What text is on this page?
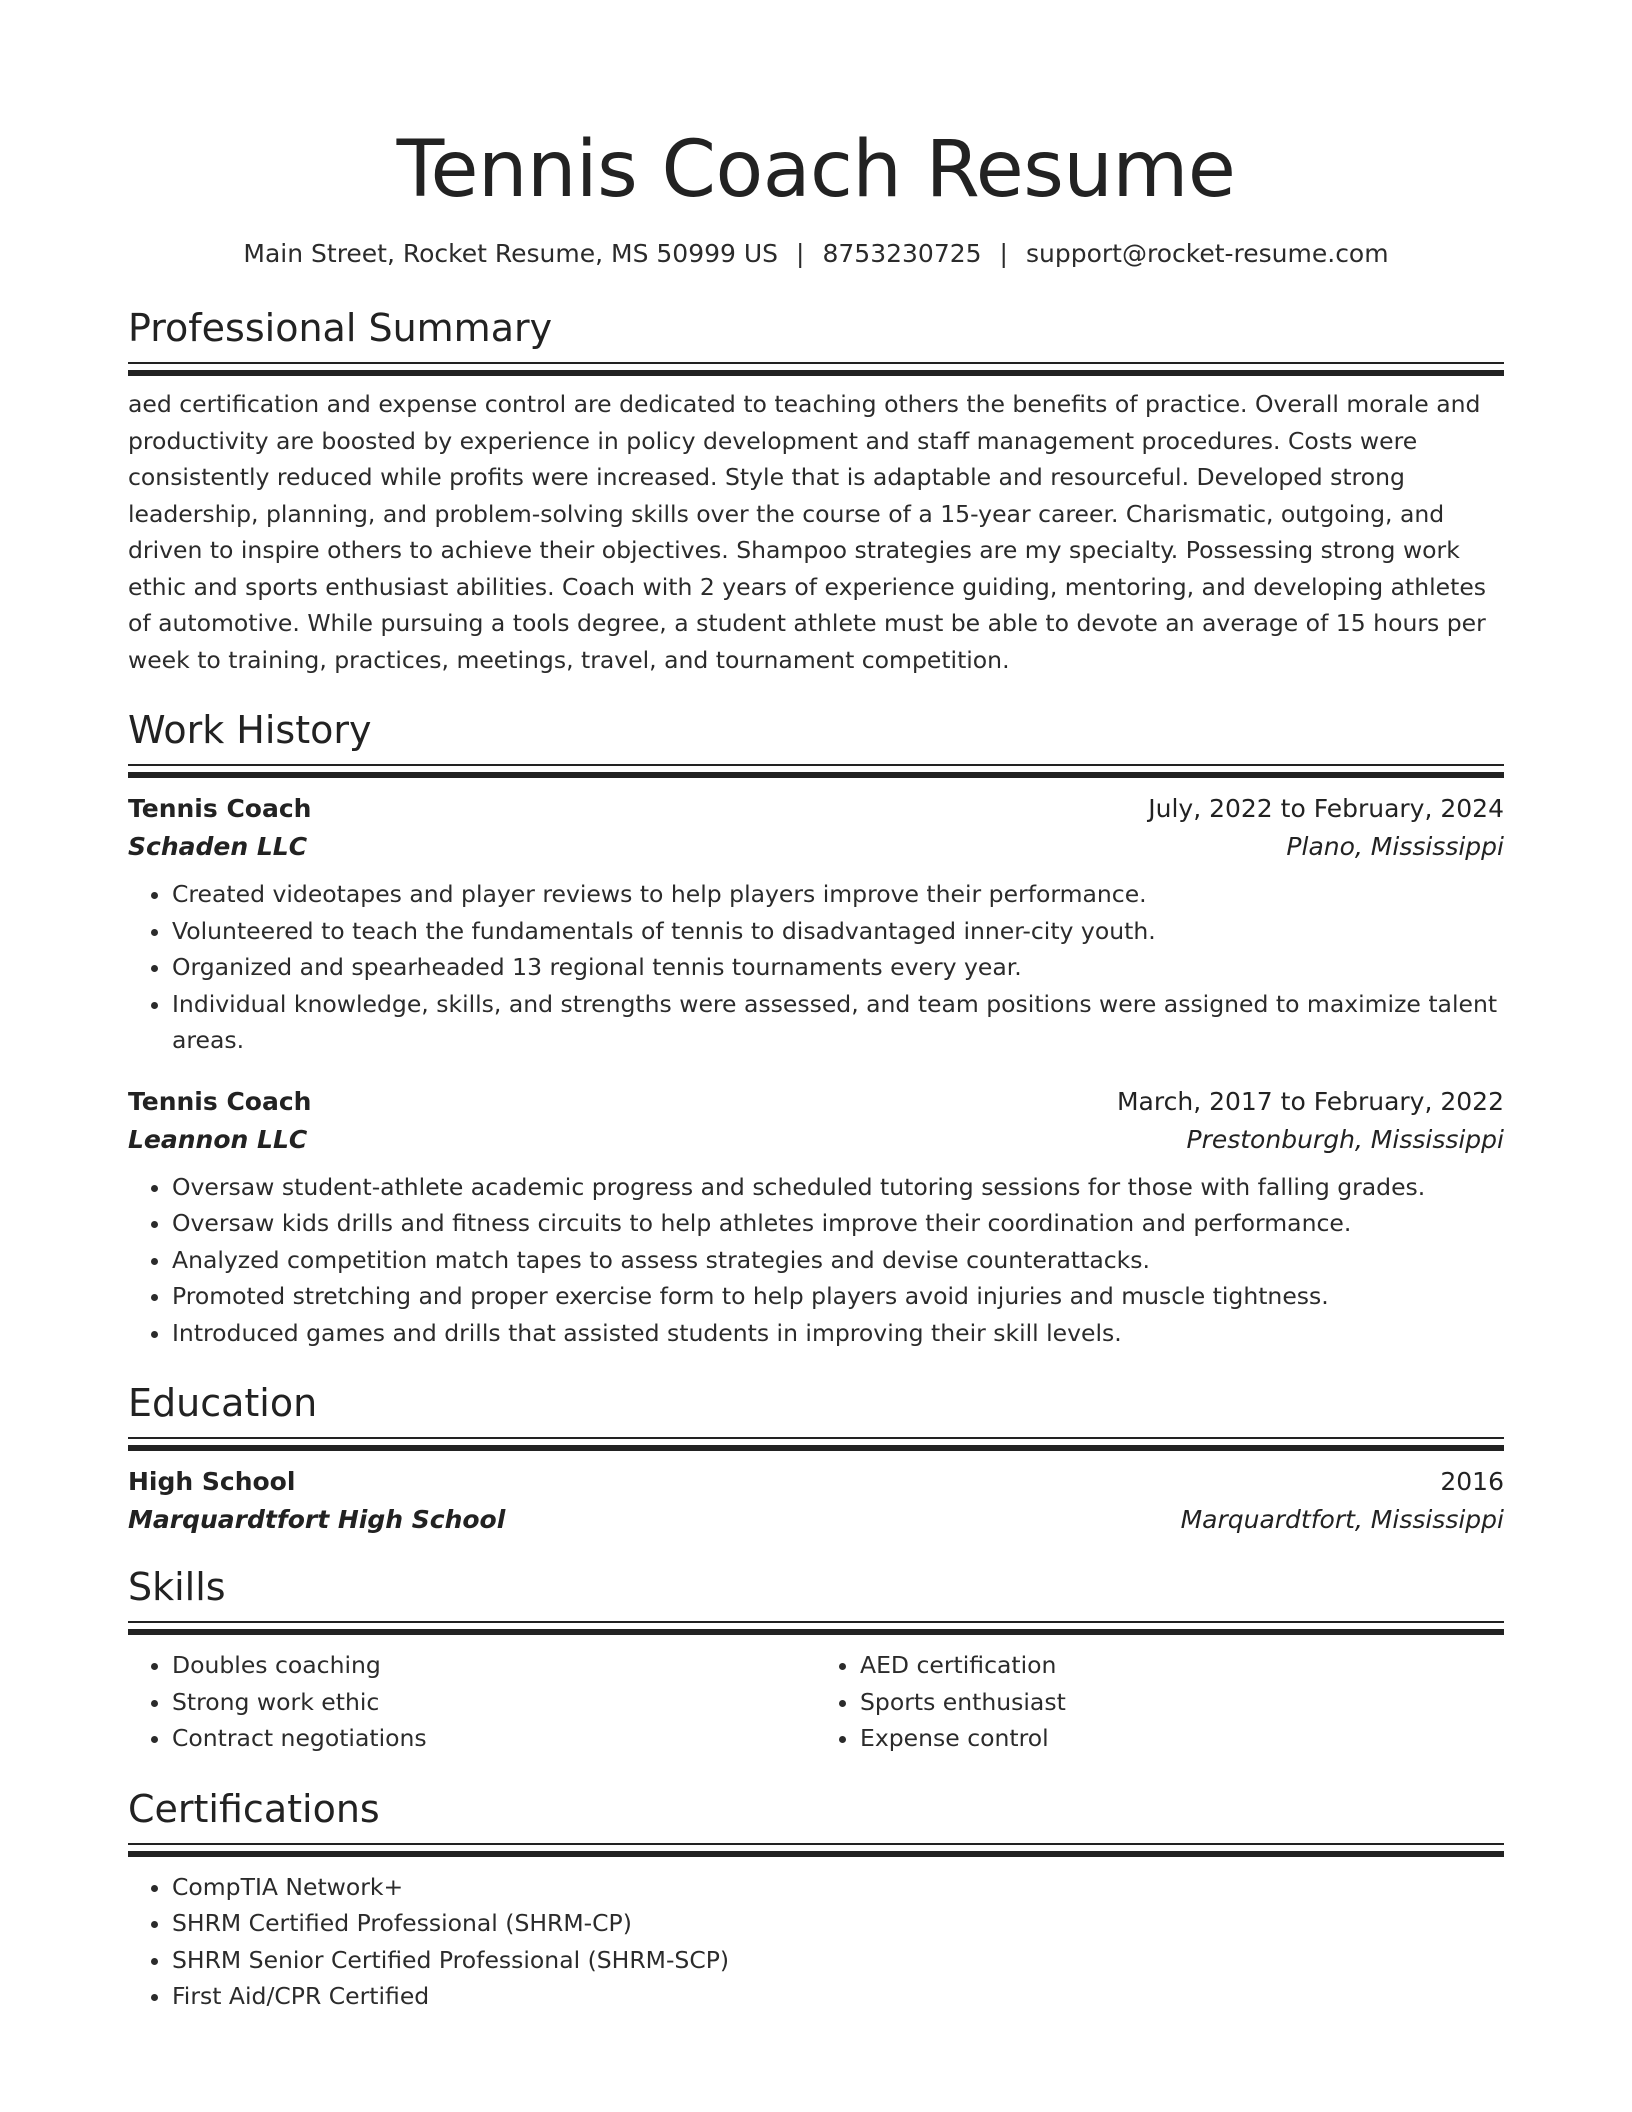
Tennis Coach Resume
Main Street, Rocket Resume, MS 50999 US | 8753230725 | support@rocket-resume.com
Professional Summary

aed certification and expense control are dedicated to teaching others the benefits of practice. Overall morale and productivity are boosted by experience in policy development and staff management procedures. Costs were consistently reduced while profits were increased. Style that is adaptable and resourceful. Developed strong leadership, planning, and problem-solving skills over the course of a 15-year career. Charismatic, outgoing, and driven to inspire others to achieve their objectives. Shampoo strategies are my specialty. Possessing strong work ethic and sports enthusiast abilities. Coach with 2 years of experience guiding, mentoring, and developing athletes of automotive. While pursuing a tools degree, a student athlete must be able to devote an average of 15 hours per week to training, practices, meetings, travel, and tournament competition.

Work History
Tennis Coach	July, 2022 to February, 2024
Schaden LLC	Plano, Mississippi
• Created videotapes and player reviews to help players improve their performance.
• Volunteered to teach the fundamentals of tennis to disadvantaged inner-city youth.
• Organized and spearheaded 13 regional tennis tournaments every year.
• Individual knowledge, skills, and strengths were assessed, and team positions were assigned to maximize talent areas.
Tennis Coach	March, 2017 to February, 2022
Leannon LLC	Prestonburgh, Mississippi
• Oversaw student-athlete academic progress and scheduled tutoring sessions for those with falling grades.
• Oversaw kids drills and fitness circuits to help athletes improve their coordination and performance.
• Analyzed competition match tapes to assess strategies and devise counterattacks.
• Promoted stretching and proper exercise form to help players avoid injuries and muscle tightness.
• Introduced games and drills that assisted students in improving their skill levels.
Education
High School	2016
Marquardtfort High School	Marquardtfort, Mississippi
Skills
• Doubles coaching
• Strong work ethic
• Contract negotiations
• AED certification
• Sports enthusiast
• Expense control
Certifications
• CompTIA Network+
• SHRM Certified Professional (SHRM-CP)
• SHRM Senior Certified Professional (SHRM-SCP)
• First Aid/CPR Certified
